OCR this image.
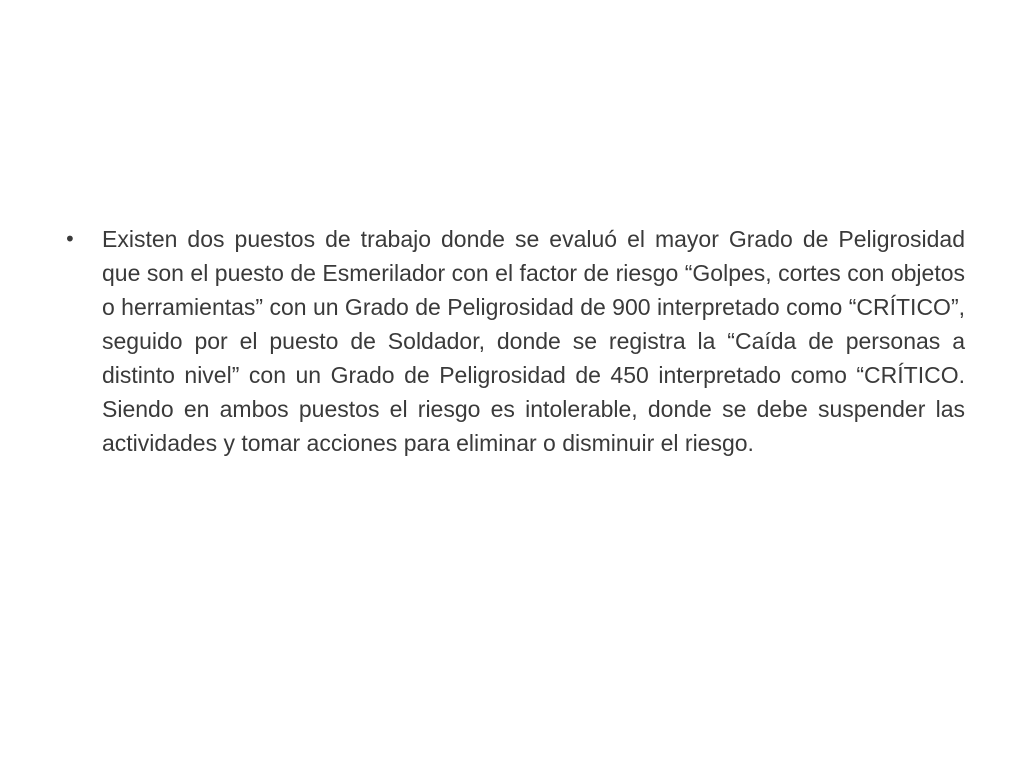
•	Existen dos puestos de trabajo donde se evaluó el mayor Grado de Peligrosidad que son el puesto de Esmerilador con el factor de riesgo “Golpes, cortes con objetos o herramientas” con un Grado de Peligrosidad de 900 interpretado como “CRÍTICO”, seguido por el puesto de Soldador, donde se registra la “Caída de personas a distinto nivel” con un Grado de Peligrosidad de 450 interpretado como “CRÍTICO. Siendo en ambos puestos el riesgo es intolerable, donde se debe suspender las actividades y tomar acciones para eliminar o disminuir el riesgo.
